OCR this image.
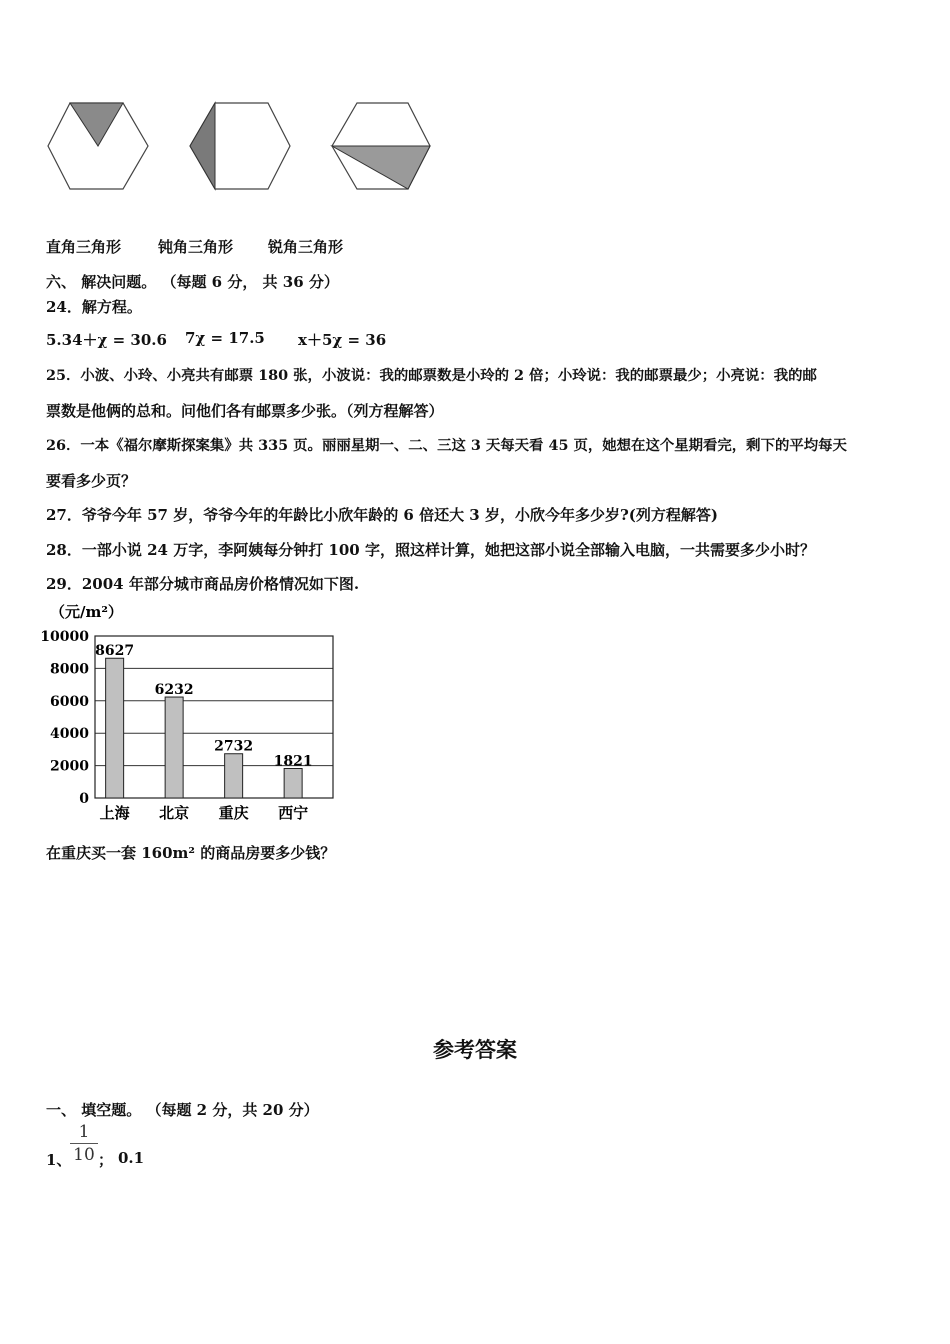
直角三角形 钝角三角形 锐角三角形
六、 解决问题。 （每题 6 分， 共 36 分）
24．解方程。
5.34＋χ = 30.6 7χ = 17.5 x＋5χ = 36
25．小波、小玲、小亮共有邮票 180 张，小波说：我的邮票数是小玲的 2 倍；小玲说：我的邮票最少；小亮说：我的邮
票数是他俩的总和。问他们各有邮票多少张。（列方程解答）
26．一本《福尔摩斯探案集》共 335 页。丽丽星期一、二、三这 3 天每天看 45 页，她想在这个星期看完，剩下的平均每天
要看多少页？
27．爷爷今年 57 岁，爷爷今年的年龄比小欣年龄的 6 倍还大 3 岁，小欣今年多少岁?(列方程解答)
28．一部小说 24 万字，李阿姨每分钟打 100 字，照这样计算，她把这部小说全部输入电脑，一共需要多少小时？
29．2004 年部分城市商品房价格情况如下图.
（元/m²）
0
2000
4000
6000
8000
10000
8627
上海
6232
北京
2732
重庆
1821
西宁
在重庆买一套 160m² 的商品房要多少钱？
参考答案
一、 填空题。 （每题 2 分，共 20 分）
1、
1
10 ； 0.1
